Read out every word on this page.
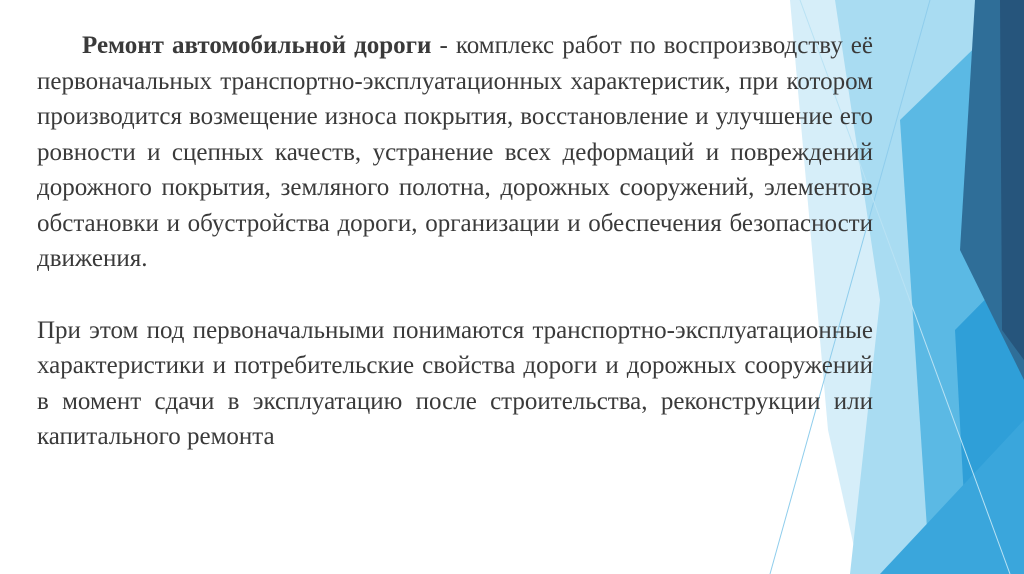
Ремонт автомобильной дороги - комплекс работ по воспроизводству её первоначальных транспортно-эксплуатационных характеристик, при котором производится возмещение износа покрытия, восстановление и улучшение его ровности и сцепных качеств, устранение всех деформаций и повреждений дорожного покрытия, земляного полотна, дорожных сооружений, элементов обстановки и обустройства дороги, организации и обеспечения безопасности движения.

При этом под первоначальными понимаются транспортно-эксплуатационные характеристики и потребительские свойства дороги и дорожных сооружений в момент сдачи в эксплуатацию после строительства, реконструкции или капитального ремонта
